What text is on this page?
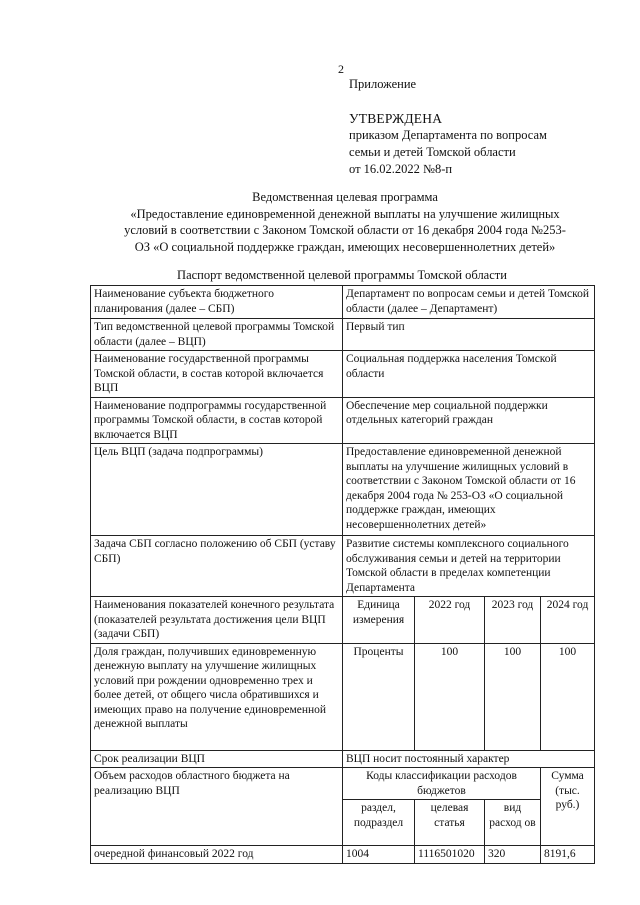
2
Приложение
УТВЕРЖДЕНА
приказом Департамента по вопросам
семьи и детей Томской области
от 16.02.2022 №8-п
Ведомственная целевая программа
«Предоставление единовременной денежной выплаты на улучшение жилищных
условий в соответствии с Законом Томской области от 16 декабря 2004 года №253-
ОЗ «О социальной поддержке граждан, имеющих несовершеннолетних детей»
Паспорт ведомственной целевой программы Томской области
Наименование субъекта бюджетного планирования (далее – СБП)	Департамент по вопросам семьи и детей Томской области (далее – Департамент)			
Тип ведомственной целевой программы Томской области (далее – ВЦП)	Первый тип			
Наименование государственной программы Томской области, в состав которой включается ВЦП	Социальная поддержка населения Томской области			
Наименование подпрограммы государственной программы Томской области, в состав которой включается ВЦП	Обеспечение мер социальной поддержки отдельных категорий граждан			
Цель ВЦП (задача подпрограммы)	Предоставление единовременной денежной выплаты на улучшение жилищных условий в соответствии с Законом Томской области от 16 декабря 2004 года № 253-ОЗ «О социальной поддержке граждан, имеющих несовершеннолетних детей»			
Задача СБП согласно положению об СБП (уставу СБП)	Развитие системы комплексного социального обслуживания семьи и детей на территории Томской области в пределах компетенции Департамента			
Наименования показателей конечного результата (показателей результата достижения цели ВЦП (задачи СБП)	Единица измерения	2022 год	2023 год	2024 год
Доля граждан, получивших единовременную денежную выплату на улучшение жилищных условий при рождении одновременно трех и более детей, от общего числа обратившихся и имеющих право на получение единовременной денежной выплаты	Проценты	100	100	100
Срок реализации ВЦП	ВЦП носит постоянный характер			
Объем расходов областного бюджета на реализацию ВЦП	Коды классификации расходов бюджетов			Сумма (тыс. руб.)
	раздел, подраздел	целевая статья	вид расход ов	
очередной финансовый 2022 год	1004	1116501020	320	8191,6
